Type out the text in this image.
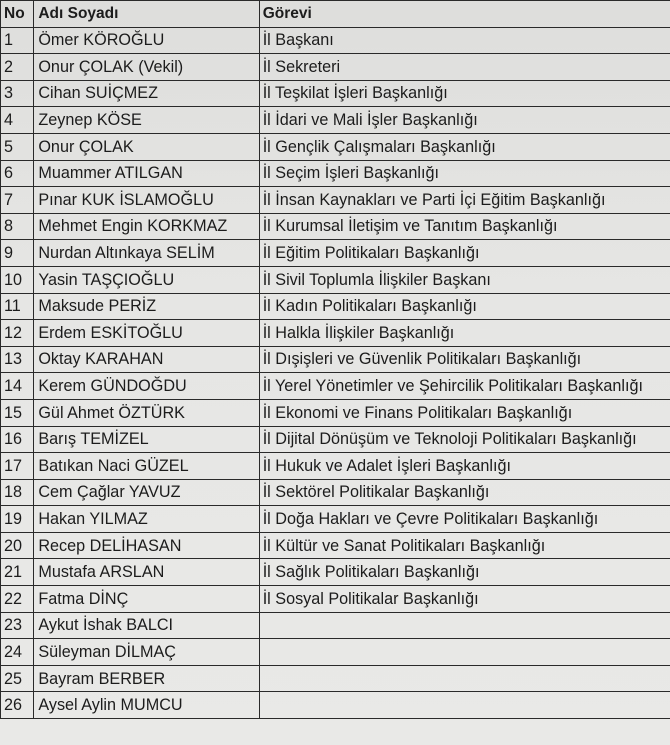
No	Adı Soyadı	Görevi
1	Ömer KÖROĞLU	İl Başkanı
2	Onur ÇOLAK (Vekil)	İl Sekreteri
3	Cihan SUİÇMEZ	İl Teşkilat İşleri Başkanlığı
4	Zeynep KÖSE	İl İdari ve Mali İşler Başkanlığı
5	Onur ÇOLAK	İl Gençlik Çalışmaları Başkanlığı
6	Muammer ATILGAN	İl Seçim İşleri Başkanlığı
7	Pınar KUK İSLAMOĞLU	İl İnsan Kaynakları ve Parti İçi Eğitim Başkanlığı
8	Mehmet Engin KORKMAZ	İl Kurumsal İletişim ve Tanıtım Başkanlığı
9	Nurdan Altınkaya SELİM	İl Eğitim Politikaları Başkanlığı
10	Yasin TAŞÇIOĞLU	İl Sivil Toplumla İlişkiler Başkanı
11	Maksude PERİZ	İl Kadın Politikaları Başkanlığı
12	Erdem ESKİTOĞLU	İl Halkla İlişkiler Başkanlığı
13	Oktay KARAHAN	İl Dışişleri ve Güvenlik Politikaları Başkanlığı
14	Kerem GÜNDOĞDU	İl Yerel Yönetimler ve Şehircilik Politikaları Başkanlığı
15	Gül Ahmet ÖZTÜRK	İl Ekonomi ve Finans Politikaları Başkanlığı
16	Barış TEMİZEL	İl Dijital Dönüşüm ve Teknoloji Politikaları Başkanlığı
17	Batıkan Naci GÜZEL	İl Hukuk ve Adalet İşleri Başkanlığı
18	Cem Çağlar YAVUZ	İl Sektörel Politikalar Başkanlığı
19	Hakan YILMAZ	İl Doğa Hakları ve Çevre Politikaları Başkanlığı
20	Recep DELİHASAN	İl Kültür ve Sanat Politikaları Başkanlığı
21	Mustafa ARSLAN	İl Sağlık Politikaları Başkanlığı
22	Fatma DİNÇ	İl Sosyal Politikalar Başkanlığı
23	Aykut İshak BALCI	
24	Süleyman DİLMAÇ	
25	Bayram BERBER	
26	Aysel Aylin MUMCU	
